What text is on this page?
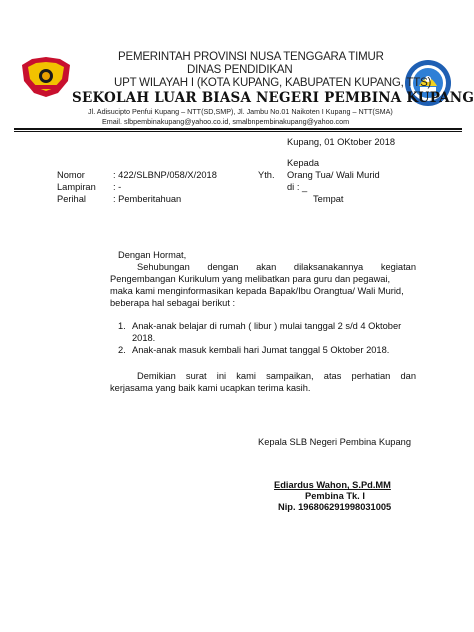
PEMERINTAH PROVINSI NUSA TENGGARA TIMUR
DINAS PENDIDIKAN
UPT WILAYAH I (KOTA KUPANG, KABUPATEN KUPANG, TTS)
SEKOLAH LUAR BIASA NEGERI PEMBINA KUPANG
Jl. Adisucipto Penfui Kupang – NTT(SD,SMP), Jl. Jambu No.01 Naikoten I Kupang – NTT(SMA)
Email. slbpembinakupang@yahoo.co.id, smalbnpembinakupang@yahoo.com
Kupang, 01 OKtober 2018
Kepada
Yth. Orang Tua/ Wali Murid
di : _
Tempat
Nomor	: 422/SLBNP/058/X/2018
Lampiran : -
Perihal	: Pemberitahuan
Dengan Hormat,
Sehubungan dengan akan dilaksanakannya kegiatan
Pengembangan Kurikulum yang melibatkan para guru dan pegawai,
maka kami menginformasikan kepada Bapak/Ibu Orangtua/ Wali Murid,
beberapa hal sebagai berikut :
1. Anak-anak belajar di rumah ( libur ) mulai tanggal 2 s/d 4 Oktober
2018.
2. Anak-anak masuk kembali hari Jumat tanggal 5 Oktober 2018.
Demikian surat ini kami sampaikan, atas perhatian dan
kerjasama yang baik kami ucapkan terima kasih.
Kepala SLB Negeri Pembina Kupang
Ediardus Wahon, S.Pd.MM
Pembina Tk. I
Nip. 196806291998031005
